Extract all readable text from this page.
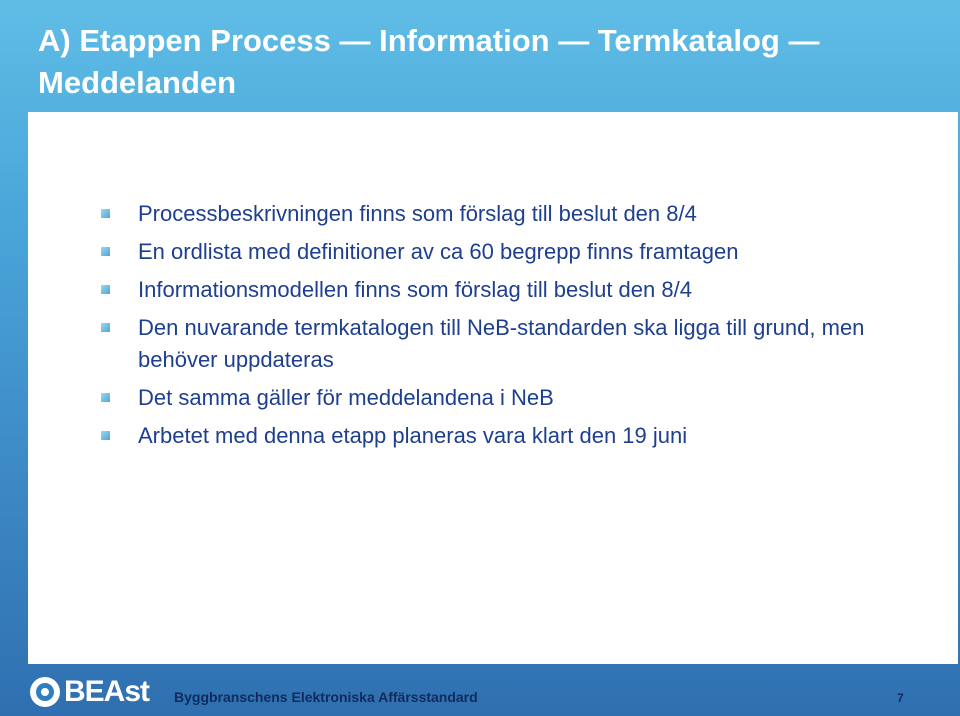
A) Etappen Process — Information — Termkatalog — Meddelanden
Processbeskrivningen finns som förslag till beslut den 8/4
En ordlista med definitioner av ca 60 begrepp finns framtagen
Informationsmodellen finns som förslag till beslut den 8/4
Den nuvarande termkatalogen till NeB-standarden ska ligga till grund, men behöver uppdateras
Det samma gäller för meddelandena i NeB
Arbetet med denna etapp planeras vara klart den 19 juni
BEAst Byggbranschens Elektroniska Affärsstandard	7
